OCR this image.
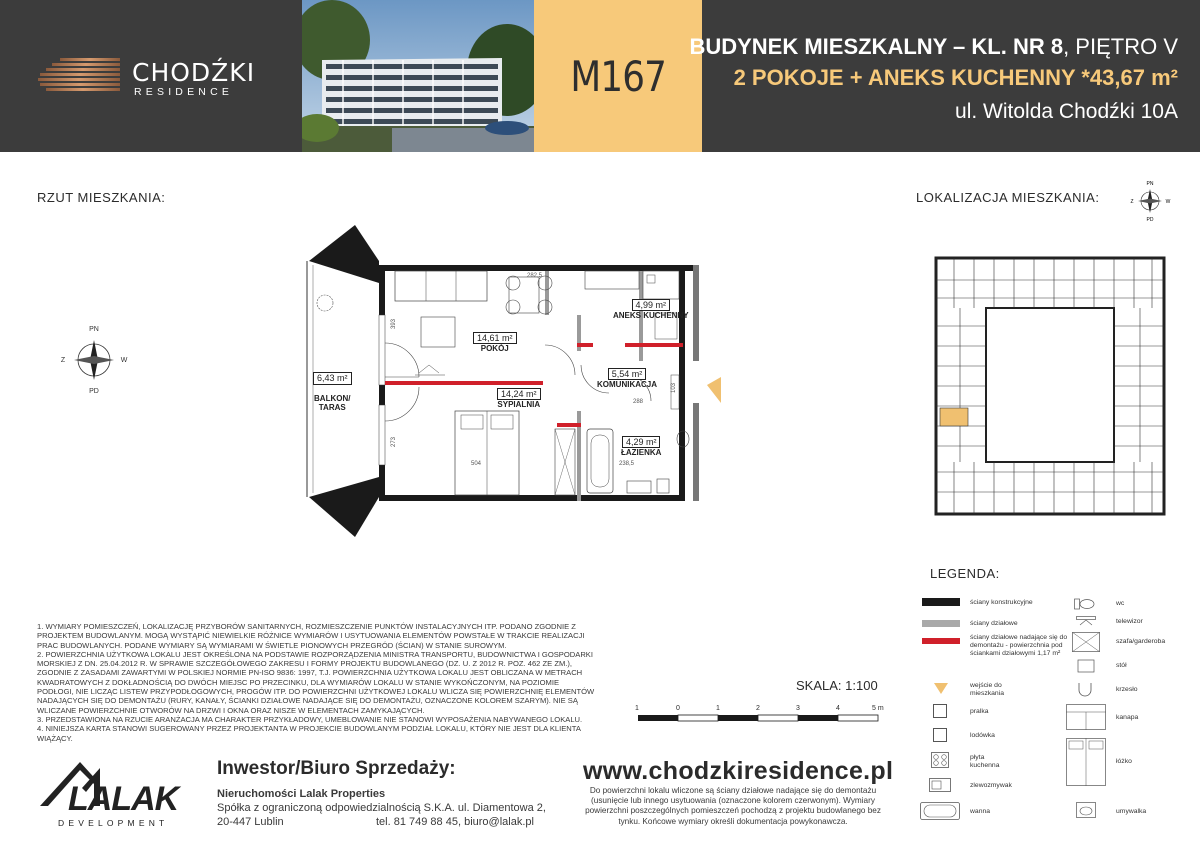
CHODŹKI
RESIDENCE	M167
BUDYNEK MIESZKALNY – KL. NR 8, PIĘTRO V
2 POKOJE + ANEKS KUCHENNY *43,67 m²
ul. Witolda Chodźki 10A
RZUT MIESZKANIA:
PN
PD
Z	W
14,61 m²
POKÓJ
4,99 m²
ANEKS KUCHENNY
5,54 m²
KOMUNIKACJA
14,24 m²
SYPIALNIA
4,29 m²
ŁAZIENKA

6,43 m²

BALKON/
TARAS

282,5
393
273
504
288
238,5
103
LOKALIZACJA MIESZKANIA:
PN
PD
Z	W

1. WYMIARY POMIESZCZEŃ, LOKALIZACJĘ PRZYBORÓW SANITARNYCH, ROZMIESZCZENIE PUNKTÓW INSTALACYJNYCH ITP. PODANO ZGODNIE Z PROJEKTEM BUDOWLANYM. MOGĄ WYSTĄPIĆ NIEWIELKIE RÓŻNICE WYMIARÓW I USYTUOWANIA ELEMENTÓW POWSTAŁE W TRAKCIE REALIZACJI PRAC BUDOWLANYCH. PODANE WYMIARY SĄ WYMIARAMI W ŚWIETLE PIONOWYCH PRZEGRÓD (ŚCIAN) W STANIE SUROWYM.

2. POWIERZCHNIA UŻYTKOWA LOKALU JEST OKREŚLONA NA PODSTAWIE ROZPORZĄDZENIA MINISTRA TRANSPORTU, BUDOWNICTWA I GOSPODARKI MORSKIEJ Z DN. 25.04.2012 R. W SPRAWIE SZCZEGÓŁOWEGO ZAKRESU I FORMY PROJEKTU BUDOWLANEGO (DZ. U. Z 2012 R. POZ. 462 ZE ZM.), ZGODNIE Z ZASADAMI ZAWARTYMI W POLSKIEJ NORMIE PN-ISO 9836: 1997, T.J. POWIERZCHNIA UŻYTKOWA LOKALU JEST OBLICZANA W METRACH KWADRATOWYCH Z DOKŁADNOŚCIĄ DO DWÓCH MIEJSC PO PRZECINKU, DLA WYMIARÓW LOKALU W STANIE WYKOŃCZONYM, NA POZIOMIE PODŁOGI, NIE LICZĄC LISTEW PRZYPODŁOGOWYCH, PROGÓW ITP. DO POWIERZCHNI UŻYTKOWEJ LOKALU WLICZA SIĘ POWIERZCHNIĘ ELEMENTÓW NADAJĄCYCH SIĘ DO DEMONTAŻU (RURY, KANAŁY, ŚCIANKI DZIAŁOWE NADAJĄCE SIĘ DO DEMONTAŻU, OZNACZONE KOLOREM SZARYM). NIE SĄ WLICZANE POWIERZCHNIE OTWORÓW NA DRZWI I OKNA ORAZ NISZE W ELEMENTACH ZAMYKAJĄCYCH.

3. PRZEDSTAWIONA NA RZUCIE ARANŻACJA MA CHARAKTER PRZYKŁADOWY, UMEBLOWANIE NIE STANOWI WYPOSAŻENIA NABYWANEGO LOKALU.

4. NINIEJSZA KARTA STANOWI SUGEROWANY PRZEZ PROJEKTANTA W PROJEKCIE BUDOWLANYM PODZIAŁ LOKALU, KTÓRY NIE JEST DLA KLIENTA WIĄŻĄCY.

SKALA: 1:100
1	0	1	2	3	4	5 m
LALAK
DEVELOPMENT
Inwestor/Biuro Sprzedaży:
Nieruchomości Lalak Properties
Spółka z ograniczoną odpowiedzialnością S.K.A. ul. Diamentowa 2,
20-447 Lublin	tel. 81 749 88 45, biuro@lalak.pl
www.chodzkiresidence.pl
Do powierzchni lokalu wliczone są ściany działowe nadające się do demontażu (usunięcie lub innego usytuowania (oznaczone kolorem czerwonym). Wymiary powierzchni poszczególnych pomieszczeń pochodzą z projektu budowlanego bez tynku. Końcowe wymiary określi dokumentacja powykonawcza.
LEGENDA:
ściany konstrukcyjne
ściany działowe
ściany działowe nadające się do demontażu - powierzchnia pod ściankami działowymi 1,17 m²
wejście do mieszkania
pralka
lodówka
płyta kuchenna
zlewozmywak
wanna
wc
telewizor
szafa/garderoba
stół
krzesło
kanapa
łóżko
umywalka
